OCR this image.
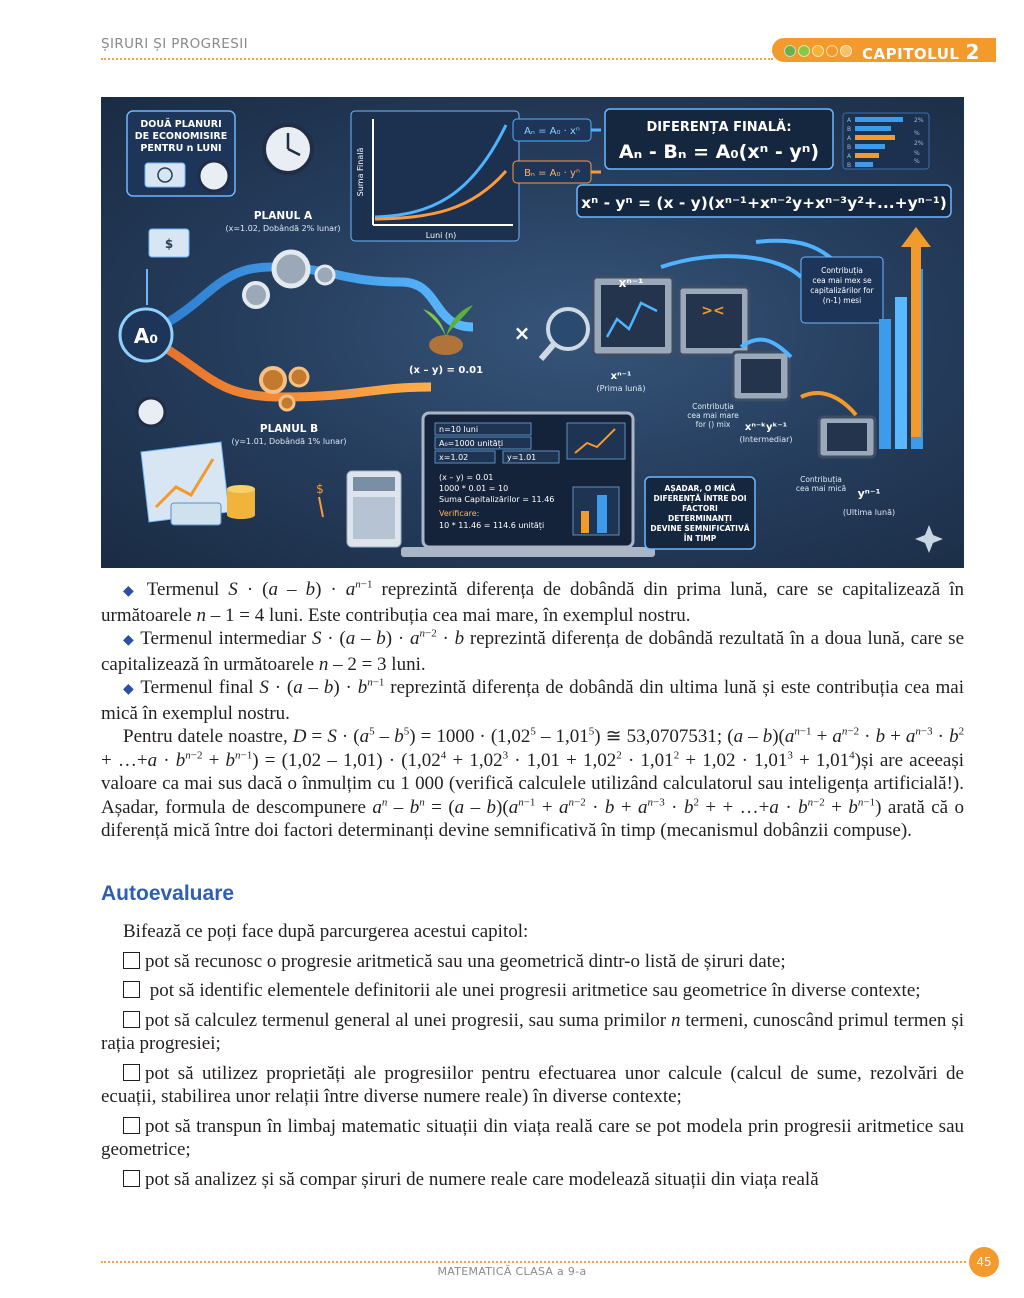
ȘIRURI ȘI PROGRESII
CAPITOLUL 2
DOUĂ PLANURI
DE ECONOMISIRE
PENTRU n LUNI
PLANUL A
(x=1.02, Dobândă 2% lunar)
Suma Finală
Luni (n)
Aₙ = A₀ · xⁿ
Bₙ = A₀ · yⁿ
DIFERENȚA FINALĂ:
Aₙ - Bₙ = A₀(xⁿ - yⁿ)
A
B
A
B
A
B
2%
%
2%
%
%
xⁿ - yⁿ = (x - y)(xⁿ⁻¹+xⁿ⁻²y+xⁿ⁻³y²+...+yⁿ⁻¹)
$
A₀
PLANUL B
(y=1.01, Dobândă 1% lunar)
$
(x – y) = 0.01
×
xⁿ⁻¹
><
xⁿ⁻¹
(Prima lună)
Contribuția
cea mai mare
for () mix xⁿ⁻ᵏyᵏ⁻¹
(Intermediar)
Contribuția
cea mai mex se
capitalizărilor for
(n-1) mesi
Contribuția
cea mai mică yⁿ⁻¹
(Ultima lună)
n=10 luni
A₀=1000 unități
x=1.02	y=1.01
(x – y) = 0.01
1000 * 0.01 = 10
Suma Capitalizărilor = 11.46
Verificare:
10 * 11.46 = 114.6 unități
AȘADAR, O MICĂ
DIFERENȚĂ ÎNTRE DOI
FACTORI
DETERMINANȚI
DEVINE SEMNIFICATIVĂ
ÎN TIMP

◆ Termenul $S \cdot (a - b) \cdot a^{n-1}$ reprezintă diferența de dobândă din prima lună, care se capitalizează în următoarele n – 1 = 4 luni. Este contribuția cea mai mare, în exemplul nostru.

◆ Termenul intermediar $S \cdot (a - b) \cdot a^{n-2} \cdot b$ reprezintă diferența de dobândă rezultată în a doua lună, care se capitalizează în următoarele n – 2 = 3 luni.

◆ Termenul final $S \cdot (a - b) \cdot b^{n-1}$ reprezintă diferența de dobândă din ultima lună și este contribuția cea mai mică în exemplul nostru.

Pentru datele noastre, $D = S \cdot (a^5 - b^5) = 1000 \cdot (1,02^5 - 1,01^5)$ ≅ 53,0707531; $(a - b)(a^{n-1} + a^{n-2} \cdot b + a^{n-3} \cdot b^2$ + …+a · $b^{n-2} + b^{n-1}) = (1,02 - 1,01) \cdot (1,02^4 + 1,02^3 \cdot 1,01 + 1,02^2 \cdot 1,01^2 + 1,02 \cdot 1,01^3$ + $1,01^4)și$ are aceeași valoare ca mai sus dacă o înmulțim cu 1 000 (verifică calculele utilizând calculatorul sau inteligența artificială!). Așadar, formula de descompunere $a^n - b^n = (a - b)(a^{n-1} + a^{n-2} \cdot b + a^{n-3} \cdot b^2$ + + …+a · $b^{n-2} + b^{n-1}$) arată că o diferență mică între doi factori determinanți devine semnificativă în timp (mecanismul dobânzii compuse).

Autoevaluare

Bifează ce poți face după parcurgerea acestui capitol:

pot să recunosc o progresie aritmetică sau una geometrică dintr-o listă de șiruri date;

pot să identific elementele definitorii ale unei progresii aritmetice sau geometrice în diverse contexte;

pot să calculez termenul general al unei progresii, sau suma primilor n termeni, cunoscând primul termen și rația progresiei;

pot să utilizez proprietăți ale progresiilor pentru efectuarea unor calcule (calcul de sume, rezolvări de ecuații, stabilirea unor relații între diverse numere reale) în diverse contexte;

pot să transpun în limbaj matematic situații din viața reală care se pot modela prin progresii aritmetice sau geometrice;

pot să analizez și să compar șiruri de numere reale care modelează situații din viața reală

MATEMATICĂ CLASA a 9-a
45
